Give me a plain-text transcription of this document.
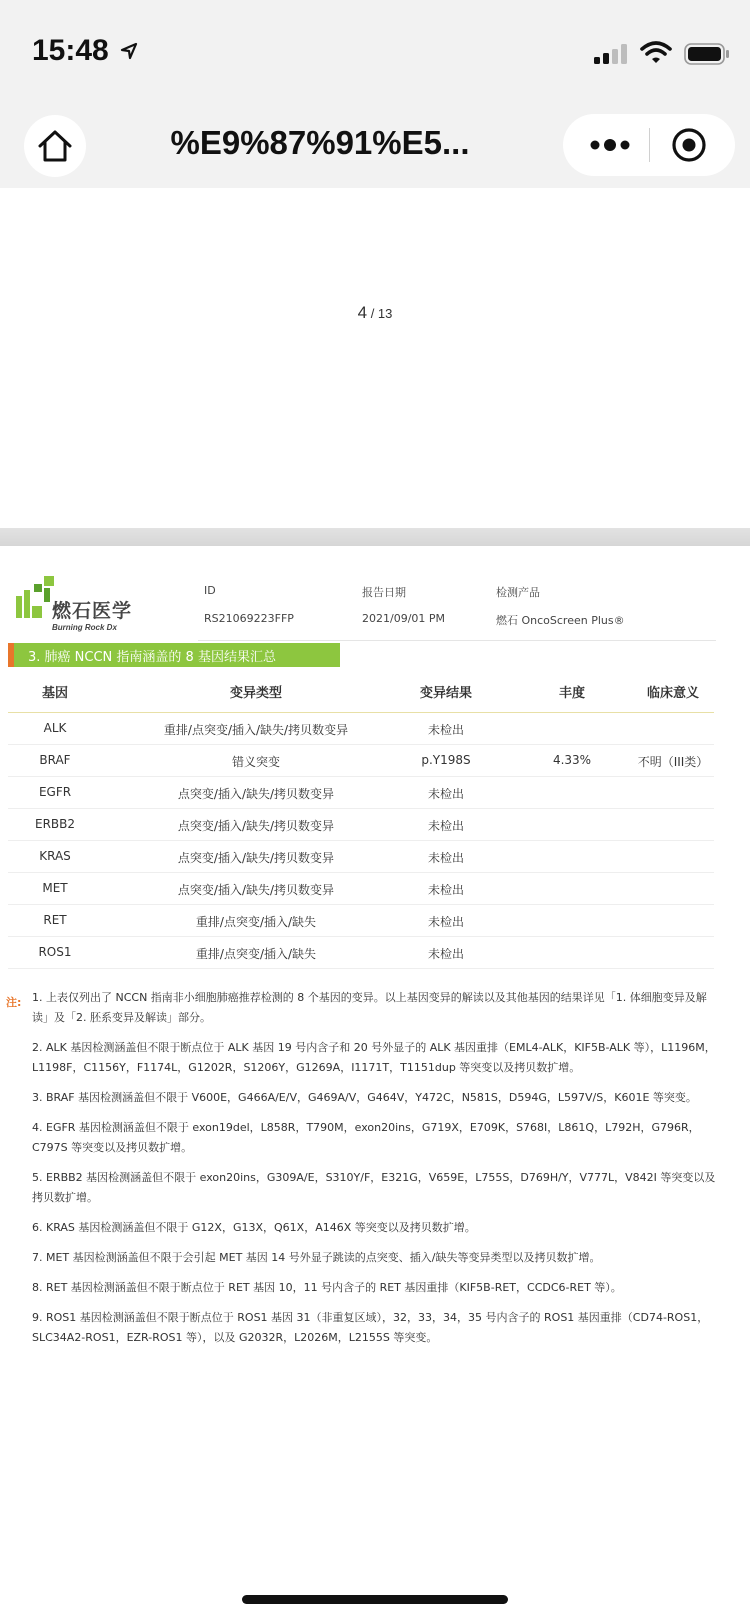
15:48
%E9%87%91%E5...
4 / 13
燃石医学
Burning Rock Dx
ID
RS21069223FFP
报告日期
2021/09/01 PM
检测产品
燃石 OncoScreen Plus®
3. 肺癌 NCCN 指南涵盖的 8 基因结果汇总
基因	变异类型	变异结果	丰度	临床意义
ALK	重排/点突变/插入/缺失/拷贝数变异	未检出
BRAF	错义突变	p.Y198S	4.33%	不明（III类）
EGFR	点突变/插入/缺失/拷贝数变异	未检出
ERBB2	点突变/插入/缺失/拷贝数变异	未检出
KRAS	点突变/插入/缺失/拷贝数变异	未检出
MET	点突变/插入/缺失/拷贝数变异	未检出
RET	重排/点突变/插入/缺失	未检出
ROS1	重排/点突变/插入/缺失	未检出
注: 1. 上表仅列出了 NCCN 指南非小细胞肺癌推荐检测的 8 个基因的变异。以上基因变异的解读以及其他基因的结果详见「1. 体细胞变异及解读」及「2. 胚系变异及解读」部分。
2. ALK 基因检测涵盖但不限于断点位于 ALK 基因 19 号内含子和 20 号外显子的 ALK 基因重排（EML4-ALK，KIF5B-ALK 等），L1196M，L1198F，C1156Y，F1174L，G1202R，S1206Y，G1269A，I1171T，T1151dup 等突变以及拷贝数扩增。
3. BRAF 基因检测涵盖但不限于 V600E，G466A/E/V，G469A/V，G464V，Y472C，N581S，D594G，L597V/S，K601E 等突变。
4. EGFR 基因检测涵盖但不限于 exon19del，L858R，T790M，exon20ins，G719X，E709K，S768I，L861Q，L792H，G796R，C797S 等突变以及拷贝数扩增。
5. ERBB2 基因检测涵盖但不限于 exon20ins，G309A/E，S310Y/F，E321G，V659E，L755S，D769H/Y，V777L，V842I 等突变以及拷贝数扩增。
6. KRAS 基因检测涵盖但不限于 G12X，G13X，Q61X，A146X 等突变以及拷贝数扩增。
7. MET 基因检测涵盖但不限于会引起 MET 基因 14 号外显子跳读的点突变、插入/缺失等变异类型以及拷贝数扩增。
8. RET 基因检测涵盖但不限于断点位于 RET 基因 10，11 号内含子的 RET 基因重排（KIF5B-RET，CCDC6-RET 等）。
9. ROS1 基因检测涵盖但不限于断点位于 ROS1 基因 31（非重复区域），32，33，34，35 号内含子的 ROS1 基因重排（CD74-ROS1，SLC34A2-ROS1，EZR-ROS1 等），以及 G2032R，L2026M，L2155S 等突变。
